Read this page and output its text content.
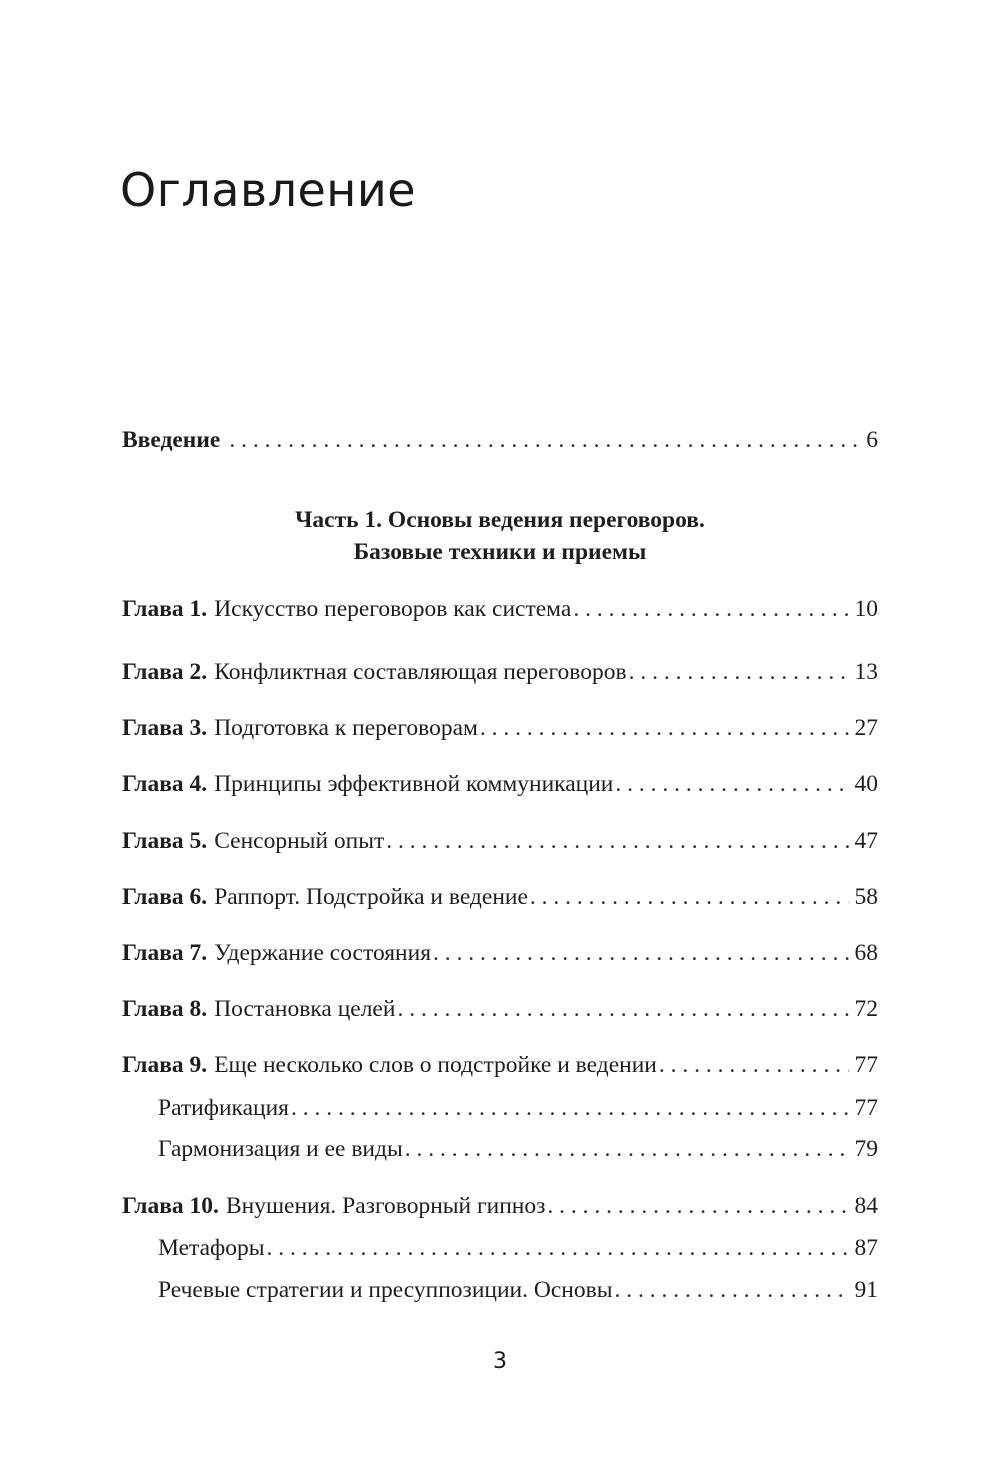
Оглавление
Введение . . .	6
Часть 1. Основы ведения переговоров.
Базовые техники и приемы
Глава 1. Искусство переговоров как система . . .	10
Глава 2. Конфликтная составляющая переговоров . . .	13
Глава 3. Подготовка к переговорам . . .	27
Глава 4. Принципы эффективной коммуникации . . .	40
Глава 5. Сенсорный опыт . . .	47
Глава 6. Раппорт. Подстройка и ведение . . .	58
Глава 7. Удержание состояния . . .	68
Глава 8. Постановка целей . . .	72
Глава 9. Еще несколько слов о подстройке и ведении . . .	77
Ратификация . . .	77
Гармонизация и ее виды . . .	79
Глава 10. Внушения. Разговорный гипноз . . .	84
Метафоры . . .	87
Речевые стратегии и пресуппозиции. Основы . . .	91
3
